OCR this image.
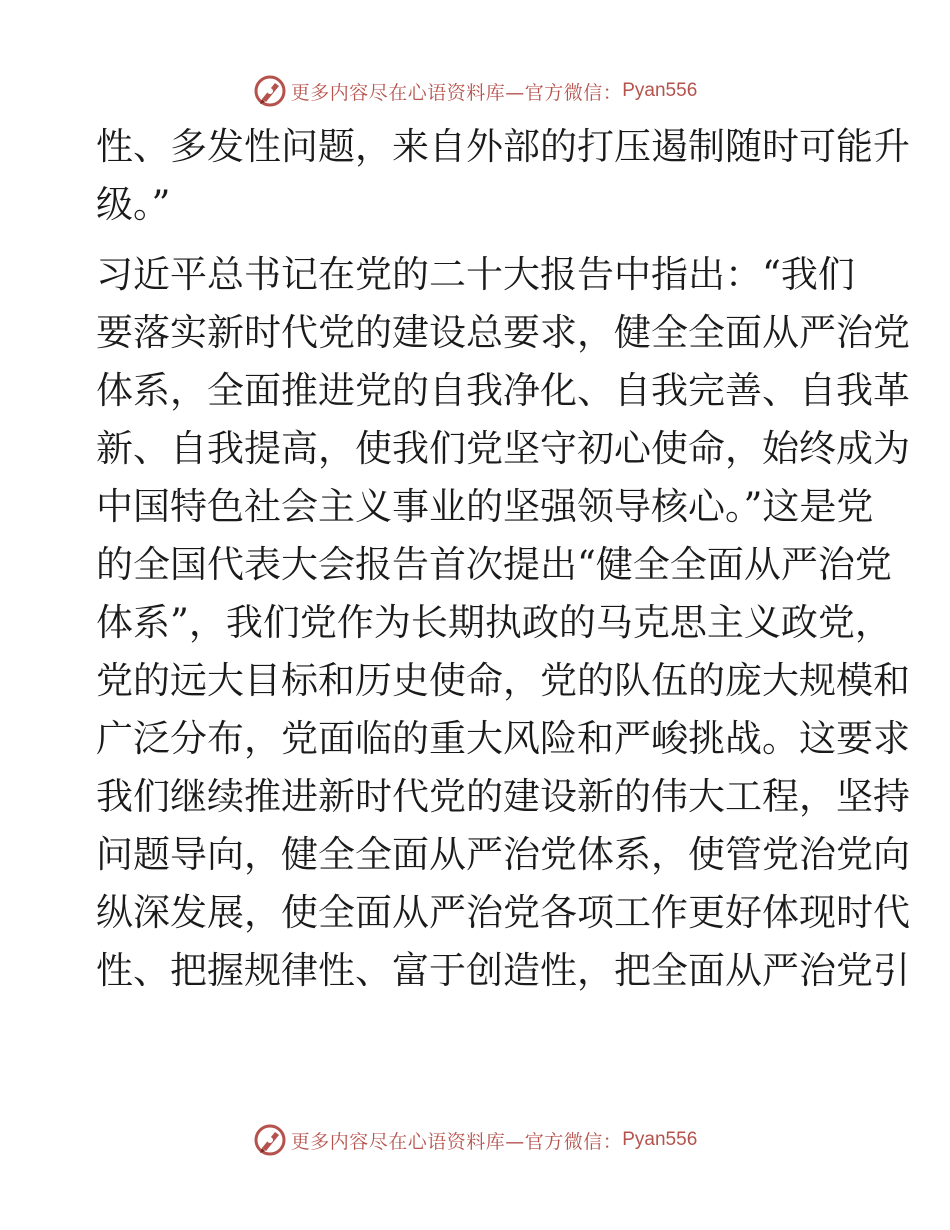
更多内容尽在心语资料库—官方微信： Pyan556
性、多发性问题，来自外部的打压遏制随时可能升
级。”
习近平总书记在党的二十大报告中指出：“我们
要落实新时代党的建设总要求，健全全面从严治党
体系，全面推进党的自我净化、自我完善、自我革
新、自我提高，使我们党坚守初心使命，始终成为
中国特色社会主义事业的坚强领导核心。”这是党
的全国代表大会报告首次提出“健全全面从严治党
体系”，我们党作为长期执政的马克思主义政党，
党的远大目标和历史使命，党的队伍的庞大规模和
广泛分布，党面临的重大风险和严峻挑战。这要求
我们继续推进新时代党的建设新的伟大工程，坚持
问题导向，健全全面从严治党体系，使管党治党向
纵深发展，使全面从严治党各项工作更好体现时代
性、把握规律性、富于创造性，把全面从严治党引
更多内容尽在心语资料库—官方微信： Pyan556
